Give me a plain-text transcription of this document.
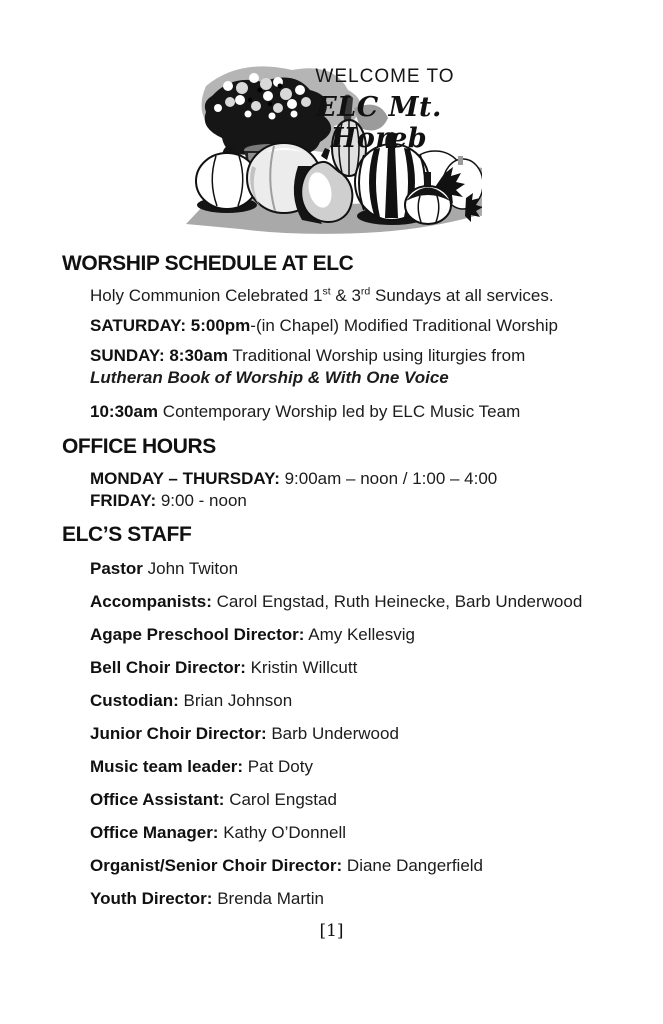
WELCOME TO
ELC Mt. Horeb
WORSHIP SCHEDULE AT ELC

Holy Communion Celebrated 1st & 3rd Sundays at all services.

SATURDAY: 5:00pm-(in Chapel) Modified Traditional Worship

SUNDAY: 8:30am Traditional Worship using liturgies from
Lutheran Book of Worship & With One Voice

10:30am Contemporary Worship led by ELC Music Team

OFFICE HOURS

MONDAY – THURSDAY: 9:00am – noon / 1:00 – 4:00
FRIDAY: 9:00 - noon

ELC’S STAFF

Pastor John Twiton

Accompanists: Carol Engstad, Ruth Heinecke, Barb Underwood

Agape Preschool Director: Amy Kellesvig

Bell Choir Director: Kristin Willcutt

Custodian: Brian Johnson

Junior Choir Director: Barb Underwood

Music team leader: Pat Doty

Office Assistant: Carol Engstad

Office Manager: Kathy O’Donnell

Organist/Senior Choir Director: Diane Dangerfield

Youth Director: Brenda Martin

[1]
